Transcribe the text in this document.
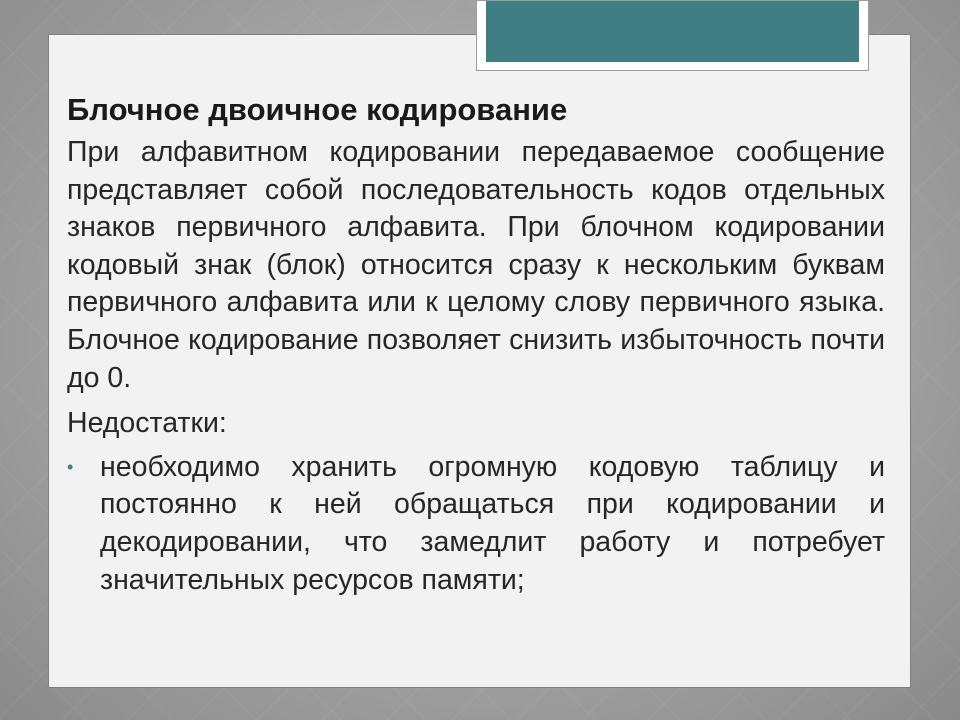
Блочное двоичное кодирование

При алфавитном кодировании передаваемое сообщение представляет собой последовательность кодов отдельных знаков первичного алфавита. При блочном кодировании кодовый знак (блок) относится сразу к нескольким буквам первичного алфавита или к целому слову первичного языка. Блочное кодирование позволяет снизить избыточность почти до 0.

Недостатки:
• необходимо хранить огромную кодовую таблицу и постоянно к ней обращаться при кодировании и декодировании, что замедлит работу и потребует значительных ресурсов памяти;
